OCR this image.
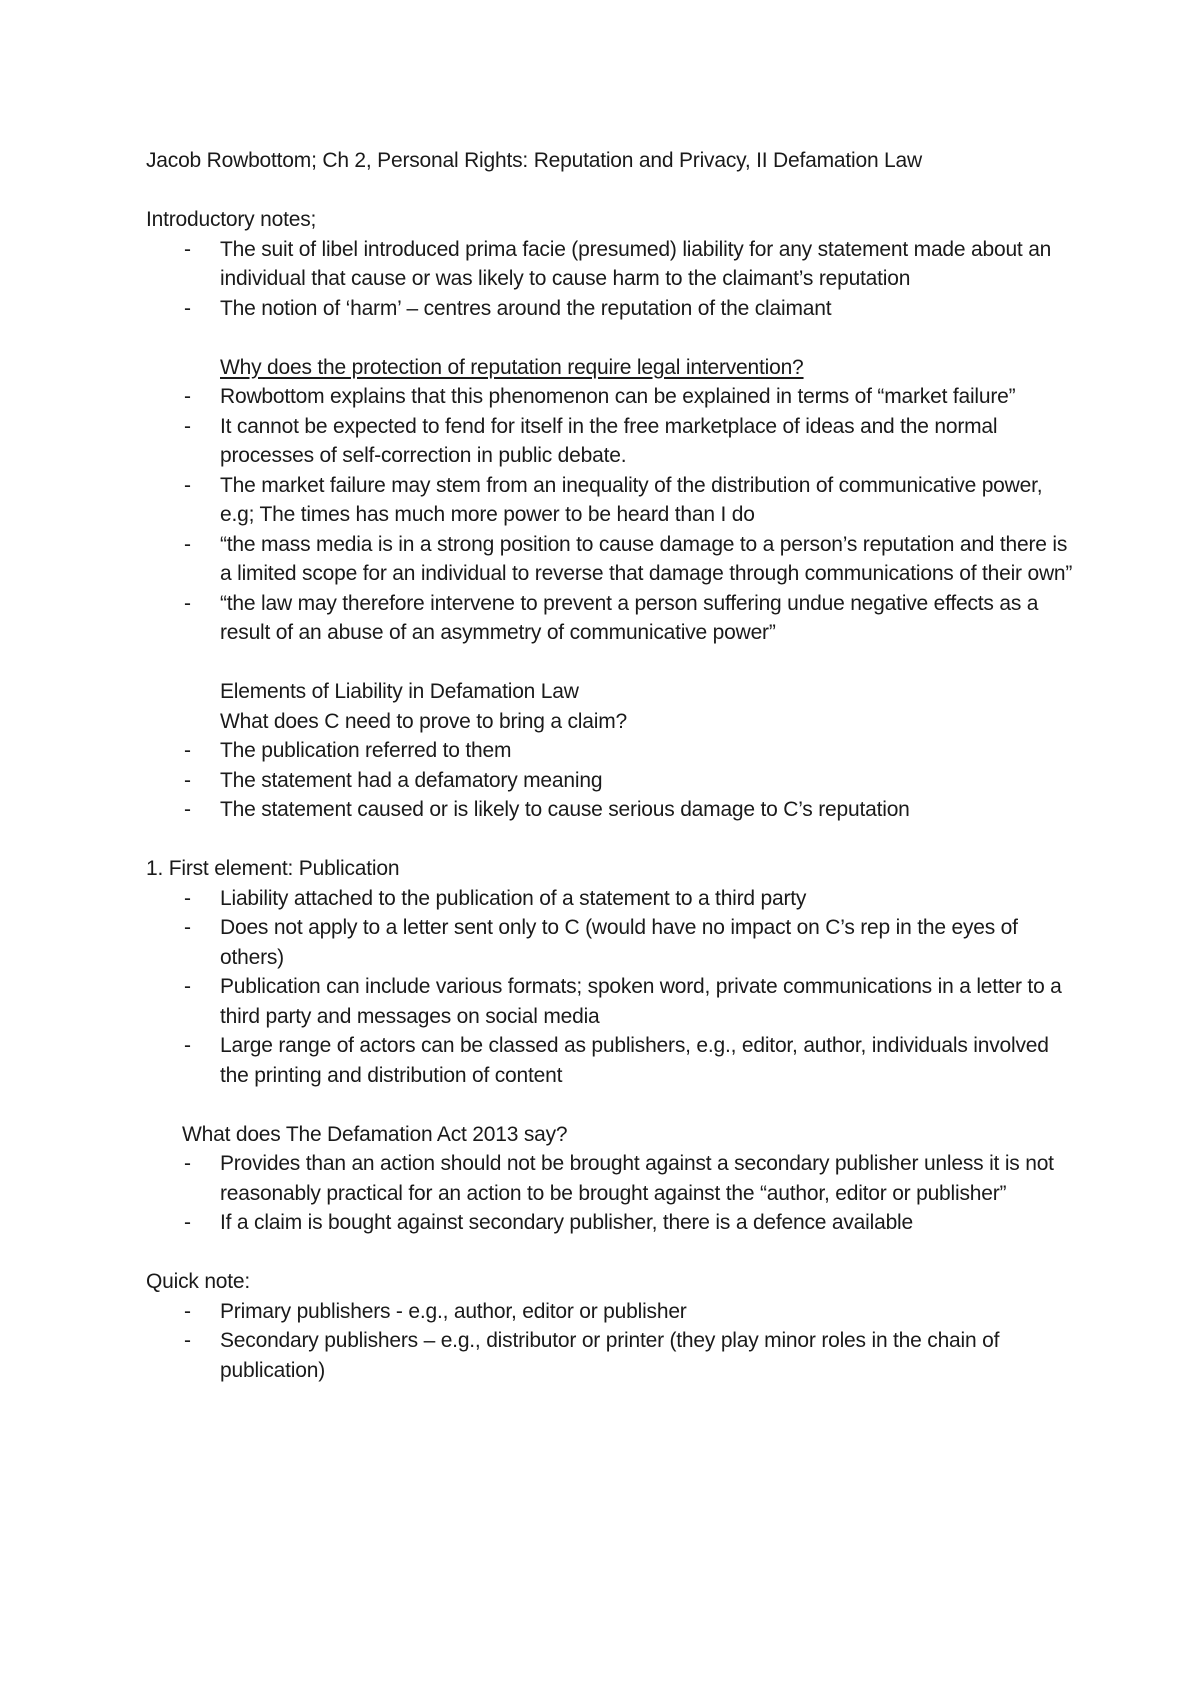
Jacob Rowbottom; Ch 2, Personal Rights: Reputation and Privacy, II Defamation Law

Introductory notes;

- The suit of libel introduced prima facie (presumed) liability for any statement made about an individual that cause or was likely to cause harm to the claimant’s reputation
- The notion of ‘harm’ – centres around the reputation of the claimant

Why does the protection of reputation require legal intervention?

- Rowbottom explains that this phenomenon can be explained in terms of “market failure”
- It cannot be expected to fend for itself in the free marketplace of ideas and the normal processes of self-correction in public debate.
- The market failure may stem from an inequality of the distribution of communicative power, e.g; The times has much more power to be heard than I do
- “the mass media is in a strong position to cause damage to a person’s reputation and there is a limited scope for an individual to reverse that damage through communications of their own”
- “the law may therefore intervene to prevent a person suffering undue negative effects as a result of an abuse of an asymmetry of communicative power”

Elements of Liability in Defamation Law

What does C need to prove to bring a claim?

- The publication referred to them
- The statement had a defamatory meaning
- The statement caused or is likely to cause serious damage to C’s reputation

1. First element: Publication

- Liability attached to the publication of a statement to a third party
- Does not apply to a letter sent only to C (would have no impact on C’s rep in the eyes of others)
- Publication can include various formats; spoken word, private communications in a letter to a third party and messages on social media
- Large range of actors can be classed as publishers, e.g., editor, author, individuals involved the printing and distribution of content

What does The Defamation Act 2013 say?

- Provides than an action should not be brought against a secondary publisher unless it is not reasonably practical for an action to be brought against the “author, editor or publisher”
- If a claim is bought against secondary publisher, there is a defence available

Quick note:

- Primary publishers - e.g., author, editor or publisher
- Secondary publishers – e.g., distributor or printer (they play minor roles in the chain of publication)
